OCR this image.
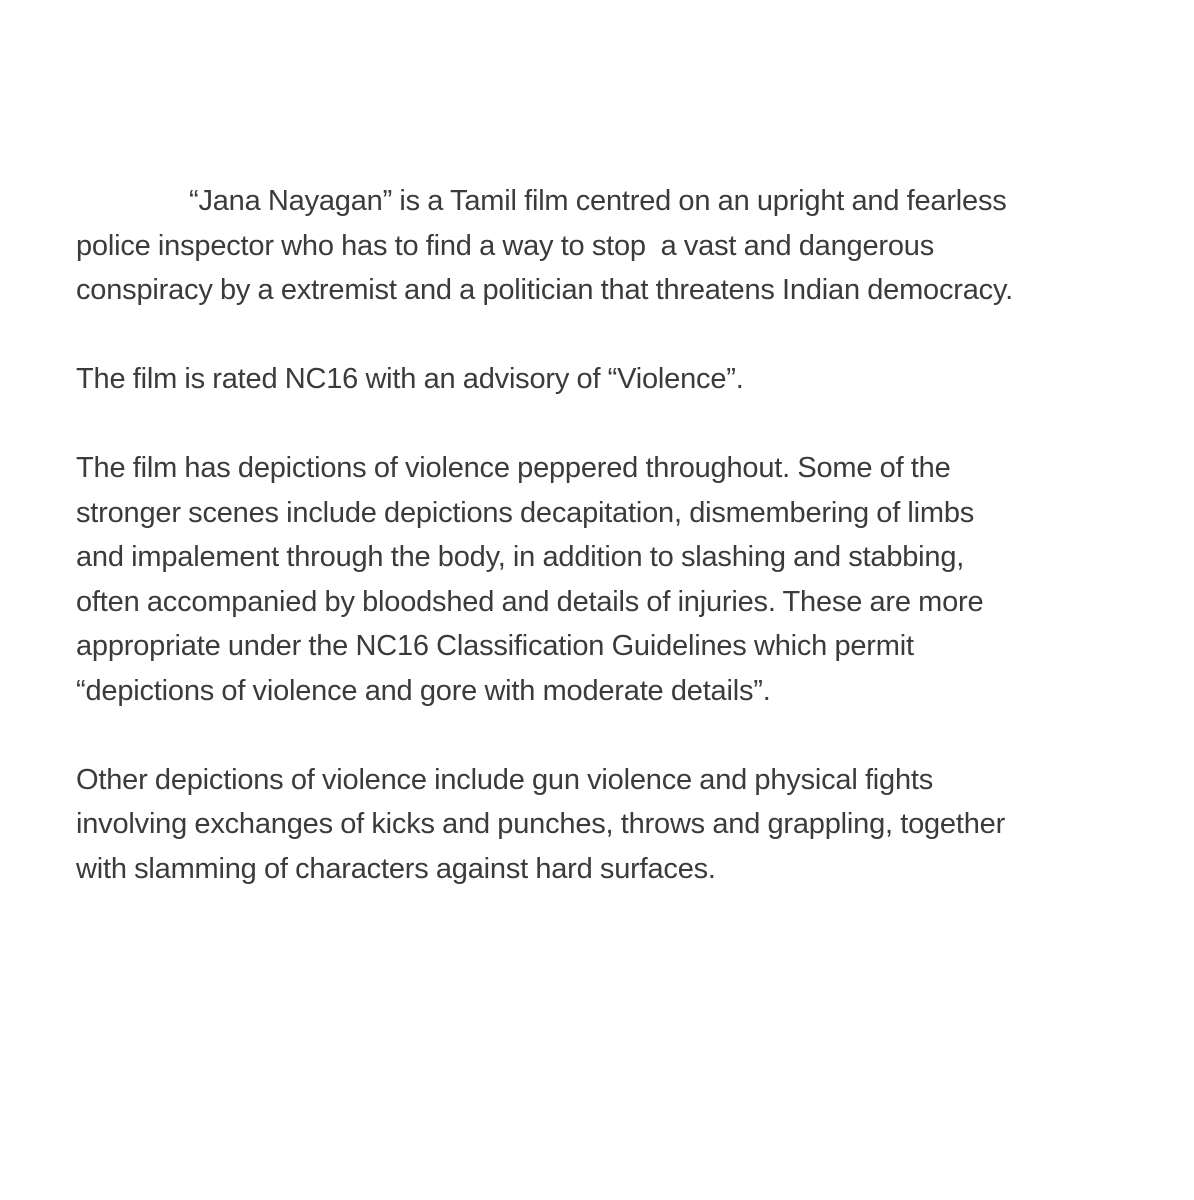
“Jana Nayagan” is a Tamil film centred on an upright and fearless
police inspector who has to find a way to stop  a vast and dangerous
conspiracy by a extremist and a politician that threatens Indian democracy.

The film is rated NC16 with an advisory of “Violence”.

The film has depictions of violence peppered throughout. Some of the
stronger scenes include depictions decapitation, dismembering of limbs
and impalement through the body, in addition to slashing and stabbing,
often accompanied by bloodshed and details of injuries. These are more
appropriate under the NC16 Classification Guidelines which permit
“depictions of violence and gore with moderate details”.

Other depictions of violence include gun violence and physical fights
involving exchanges of kicks and punches, throws and grappling, together
with slamming of characters against hard surfaces.
